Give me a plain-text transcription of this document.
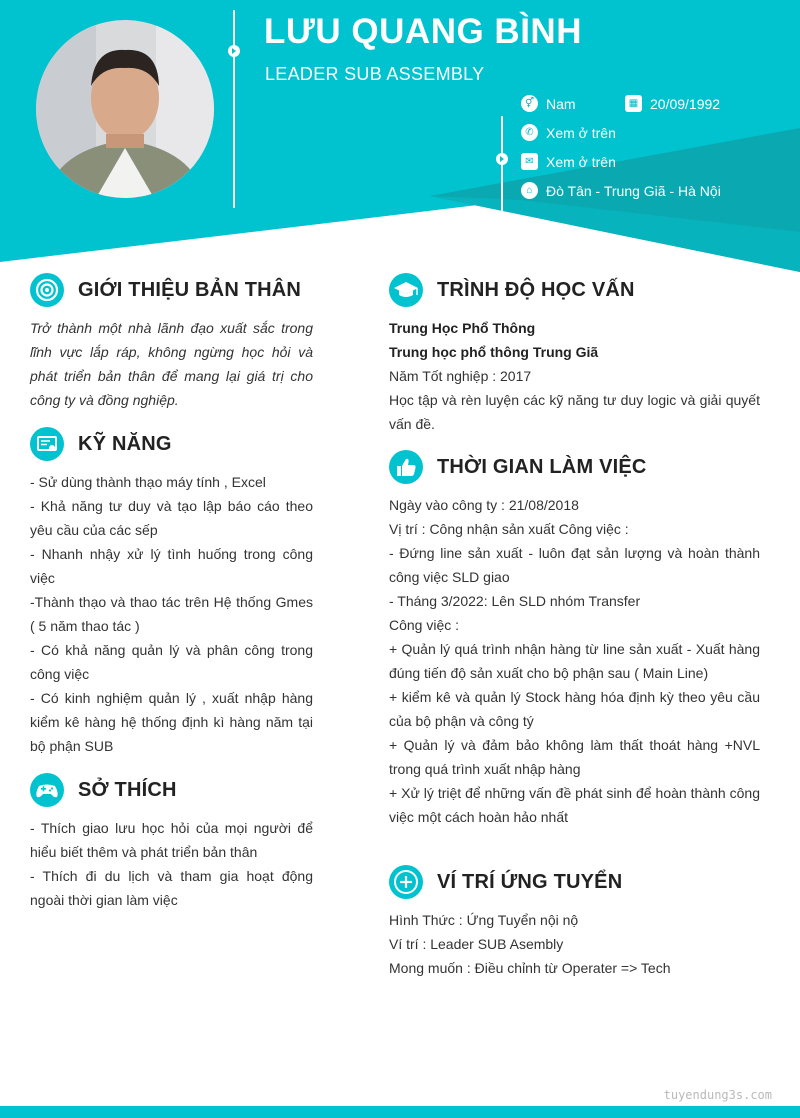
LƯU QUANG BÌNH
LEADER SUB ASSEMBLY
⚥ Nam	▦ 20/09/1992
✆ Xem ở trên
✉ Xem ở trên
⌂ Đò Tân - Trung Giã - Hà Nội
GIỚI THIỆU BẢN THÂN
Trở thành một nhà lãnh đạo xuất sắc trong lĩnh vực lắp ráp, không ngừng học hỏi và phát triển bản thân để mang lại giá trị cho công ty và đồng nghiệp.
KỸ NĂNG
- Sử dùng thành thạo máy tính , Excel
- Khả năng tư duy và tạo lập báo cáo theo yêu cầu của các sếp
- Nhanh nhậy xử lý tình huống trong công việc
-Thành thạo và thao tác trên Hệ thống Gmes ( 5 năm thao tác )
- Có khả năng quản lý và phân công trong công việc
- Có kinh nghiệm quản lý , xuất nhập hàng kiểm kê hàng hệ thống định kì hàng năm tại bộ phận SUB
SỞ THÍCH
- Thích giao lưu học hỏi của mọi người để hiểu biết thêm và phát triển bản thân
- Thích đi du lịch và tham gia hoạt động ngoài thời gian làm việc
TRÌNH ĐỘ HỌC VẤN
Trung Học Phổ Thông
Trung học phổ thông Trung Giã
Năm Tốt nghiệp : 2017
Học tập và rèn luyện các kỹ năng tư duy logic và giải quyết vấn đề.
THỜI GIAN LÀM VIỆC
Ngày vào công ty : 21/08/2018
Vị trí : Công nhận sản xuất Công việc :
- Đứng line sản xuất - luôn đạt sản lượng và hoàn thành công việc SLD giao
- Tháng 3/2022: Lên SLD nhóm Transfer
Công việc :
+ Quản lý quá trình nhận hàng từ line sản xuất - Xuất hàng đúng tiến độ sản xuất cho bộ phận sau ( Main Line)
+ kiểm kê và quản lý Stock hàng hóa định kỳ theo yêu cầu của bộ phận và công tý
+ Quản lý và đảm bảo không làm thất thoát hàng +NVL trong quá trình xuất nhập hàng
+ Xử lý triệt để những vấn đề phát sinh để hoàn thành công việc một cách hoàn hảo nhất
VÍ TRÍ ỨNG TUYỂN
Hình Thức : Ứng Tuyển nội nộ
Ví trí : Leader SUB Asembly
Mong muốn : Điều chỉnh từ Operater => Tech
tuyendung3s.com
